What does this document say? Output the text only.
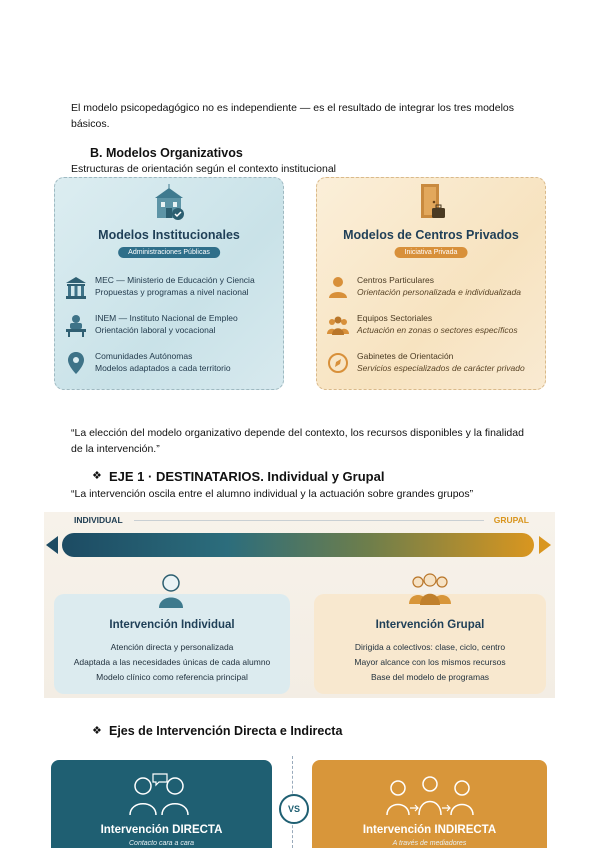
El modelo psicopedagógico no es independiente — es el resultado de integrar los tres modelos básicos.
B. Modelos Organizativos
Estructuras de orientación según el contexto institucional
Modelos Institucionales
Administraciones Públicas
MEC — Ministerio de Educación y Ciencia
Propuestas y programas a nivel nacional
INEM — Instituto Nacional de Empleo
Orientación laboral y vocacional
Comunidades Autónomas
Modelos adaptados a cada territorio
Modelos de Centros Privados
Iniciativa Privada
Centros Particulares
Orientación personalizada e individualizada
Equipos Sectoriales
Actuación en zonas o sectores específicos
Gabinetes de Orientación
Servicios especializados de carácter privado
“La elección del modelo organizativo depende del contexto, los recursos disponibles y la finalidad de la intervención.”
❖ EJE 1 · DESTINATARIOS. Individual y Grupal
“La intervención oscila entre el alumno individual y la actuación sobre grandes grupos”
INDIVIDUAL	GRUPAL
Intervención Individual
Atención directa y personalizada
Adaptada a las necesidades únicas de cada alumno
Modelo clínico como referencia principal
Intervención Grupal
Dirigida a colectivos: clase, ciclo, centro
Mayor alcance con los mismos recursos
Base del modelo de programas
❖ Ejes de Intervención Directa e Indirecta
Intervención DIRECTA
Contacto cara a cara
VS
Intervención INDIRECTA
A través de mediadores
